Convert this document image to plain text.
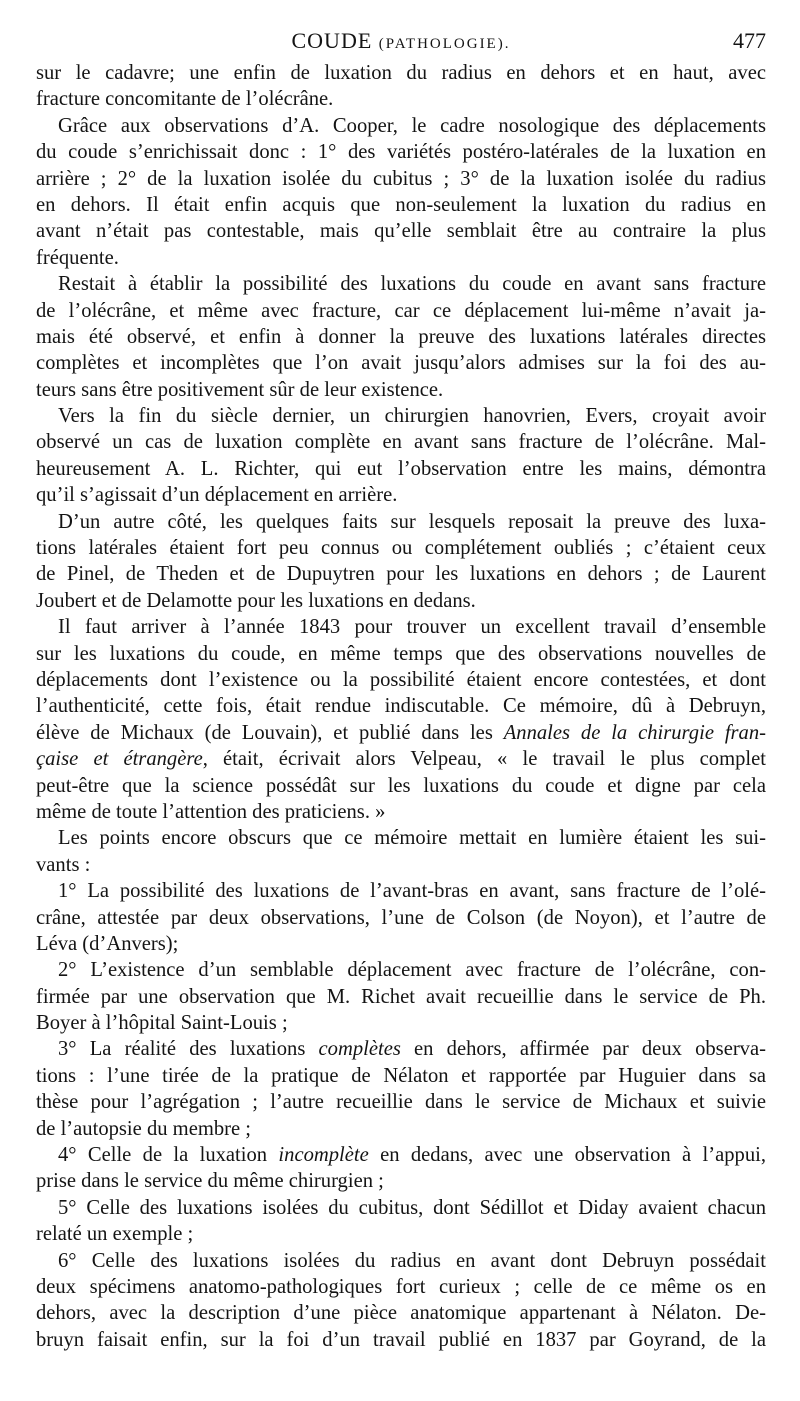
COUDE (PATHOLOGIE).	477
sur le cadavre; une enfin de luxation du radius en dehors et en haut, avec
fracture concomitante de l’olécrâne.
Grâce aux observations d’A. Cooper, le cadre nosologique des déplacements
du coude s’enrichissait donc : 1° des variétés postéro-latérales de la luxation en
arrière ; 2° de la luxation isolée du cubitus ; 3° de la luxation isolée du radius
en dehors. Il était enfin acquis que non-seulement la luxation du radius en
avant n’était pas contestable, mais qu’elle semblait être au contraire la plus
fréquente.
Restait à établir la possibilité des luxations du coude en avant sans fracture
de l’olécrâne, et même avec fracture, car ce déplacement lui-même n’avait ja-
mais été observé, et enfin à donner la preuve des luxations latérales directes
complètes et incomplètes que l’on avait jusqu’alors admises sur la foi des au-
teurs sans être positivement sûr de leur existence.
Vers la fin du siècle dernier, un chirurgien hanovrien, Evers, croyait avoir
observé un cas de luxation complète en avant sans fracture de l’olécrâne. Mal-
heureusement A. L. Richter, qui eut l’observation entre les mains, démontra
qu’il s’agissait d’un déplacement en arrière.
D’un autre côté, les quelques faits sur lesquels reposait la preuve des luxa-
tions latérales étaient fort peu connus ou complétement oubliés ; c’étaient ceux
de Pinel, de Theden et de Dupuytren pour les luxations en dehors ; de Laurent
Joubert et de Delamotte pour les luxations en dedans.
Il faut arriver à l’année 1843 pour trouver un excellent travail d’ensemble
sur les luxations du coude, en même temps que des observations nouvelles de
déplacements dont l’existence ou la possibilité étaient encore contestées, et dont
l’authenticité, cette fois, était rendue indiscutable. Ce mémoire, dû à Debruyn,
élève de Michaux (de Louvain), et publié dans les Annales de la chirurgie fran-
çaise et étrangère, était, écrivait alors Velpeau, « le travail le plus complet
peut-être que la science possédât sur les luxations du coude et digne par cela
même de toute l’attention des praticiens. »
Les points encore obscurs que ce mémoire mettait en lumière étaient les sui-
vants :
1° La possibilité des luxations de l’avant-bras en avant, sans fracture de l’olé-
crâne, attestée par deux observations, l’une de Colson (de Noyon), et l’autre de
Léva (d’Anvers);
2° L’existence d’un semblable déplacement avec fracture de l’olécrâne, con-
firmée par une observation que M. Richet avait recueillie dans le service de Ph.
Boyer à l’hôpital Saint-Louis ;
3° La réalité des luxations complètes en dehors, affirmée par deux observa-
tions : l’une tirée de la pratique de Nélaton et rapportée par Huguier dans sa
thèse pour l’agrégation ; l’autre recueillie dans le service de Michaux et suivie
de l’autopsie du membre ;
4° Celle de la luxation incomplète en dedans, avec une observation à l’appui,
prise dans le service du même chirurgien ;
5° Celle des luxations isolées du cubitus, dont Sédillot et Diday avaient chacun
relaté un exemple ;
6° Celle des luxations isolées du radius en avant dont Debruyn possédait
deux spécimens anatomo-pathologiques fort curieux ; celle de ce même os en
dehors, avec la description d’une pièce anatomique appartenant à Nélaton. De-
bruyn faisait enfin, sur la foi d’un travail publié en 1837 par Goyrand, de la
